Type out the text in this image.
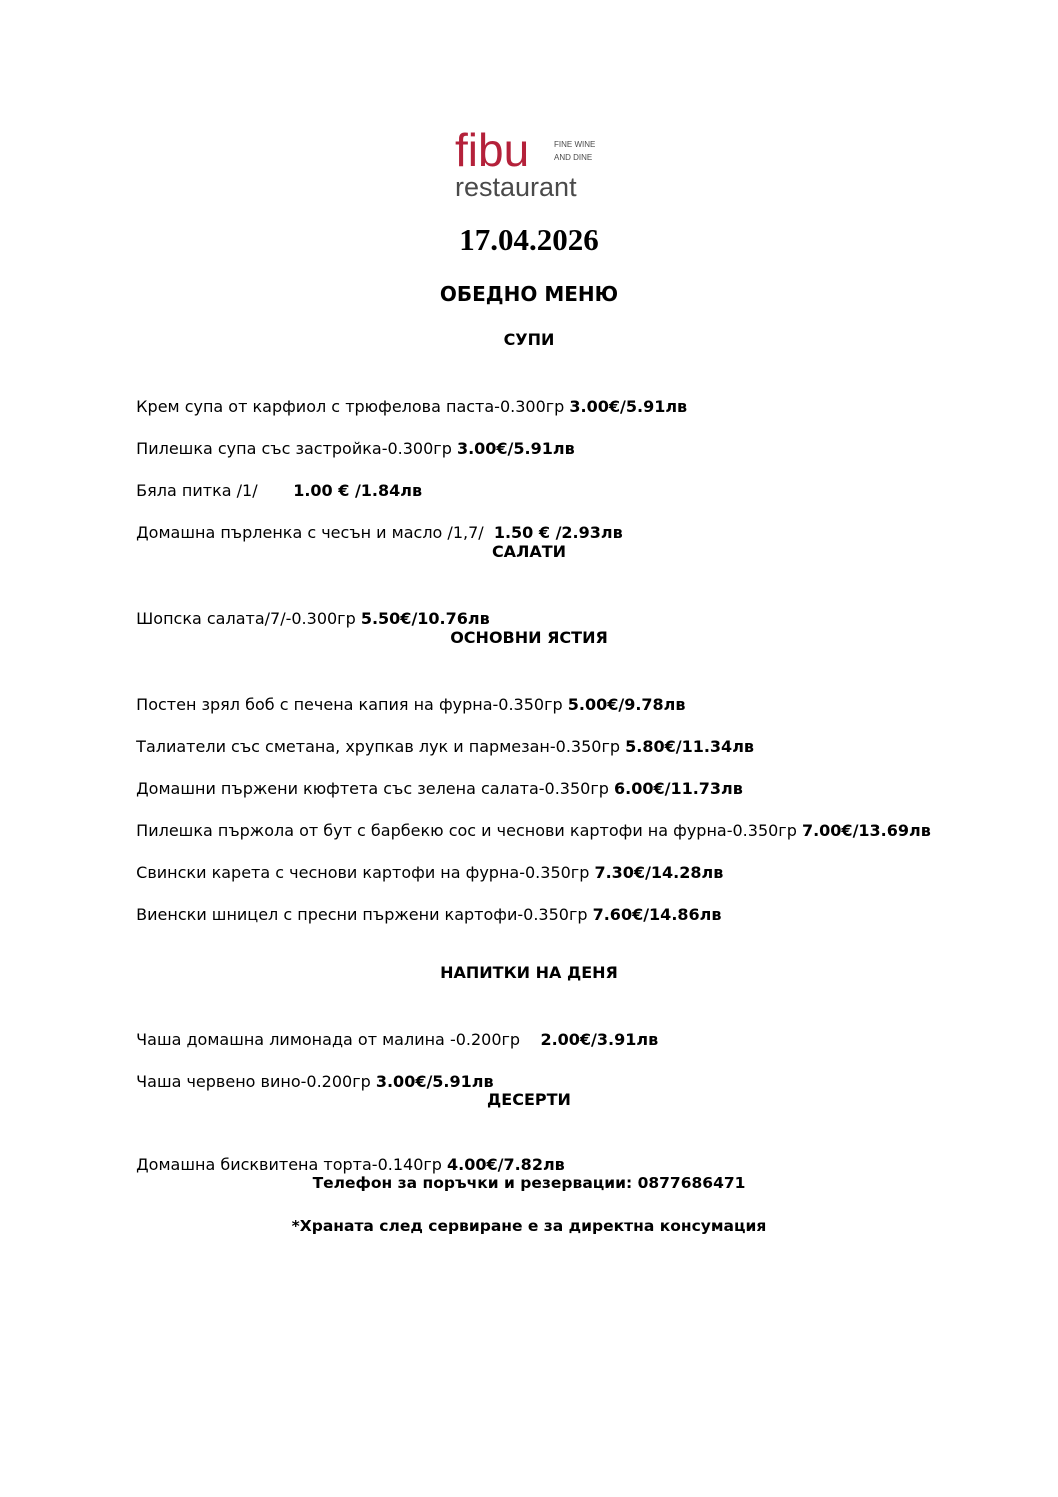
fibu	FINE WINE
AND DINE
restaurant
17.04.2026
ОБЕДНО МЕНЮ
СУПИ

Крем супа от карфиол с трюфелова паста-0.300гр 3.00€/5.91лв

Пилешка супа със застройка-0.300гр 3.00€/5.91лв

Бяла питка /1/       1.00 € /1.84лв

Домашна пърленка с чесън и масло /1,7/  1.50 € /2.93лв

САЛАТИ

Шопска салата/7/-0.300гр 5.50€/10.76лв

ОСНОВНИ ЯСТИЯ

Постен зрял боб с печена капия на фурна-0.350гр 5.00€/9.78лв

Талиатели със сметана, хрупкав лук и пармезан-0.350гр 5.80€/11.34лв

Домашни пържени кюфтета със зелена салата-0.350гр 6.00€/11.73лв

Пилешка пържола от бут с барбекю сос и чеснови картофи на фурна-0.350гр 7.00€/13.69лв

Свински карета с чеснови картофи на фурна-0.350гр 7.30€/14.28лв

Виенски шницел с пресни пържени картофи-0.350гр 7.60€/14.86лв

НАПИТКИ НА ДЕНЯ

Чаша домашна лимонада от малина -0.200гр    2.00€/3.91лв

Чаша червено вино-0.200гр 3.00€/5.91лв

ДЕСЕРТИ

Домашна бисквитена торта-0.140гр 4.00€/7.82лв

Телефон за поръчки и резервации: 0877686471
*Храната след сервиране е за директна консумация
